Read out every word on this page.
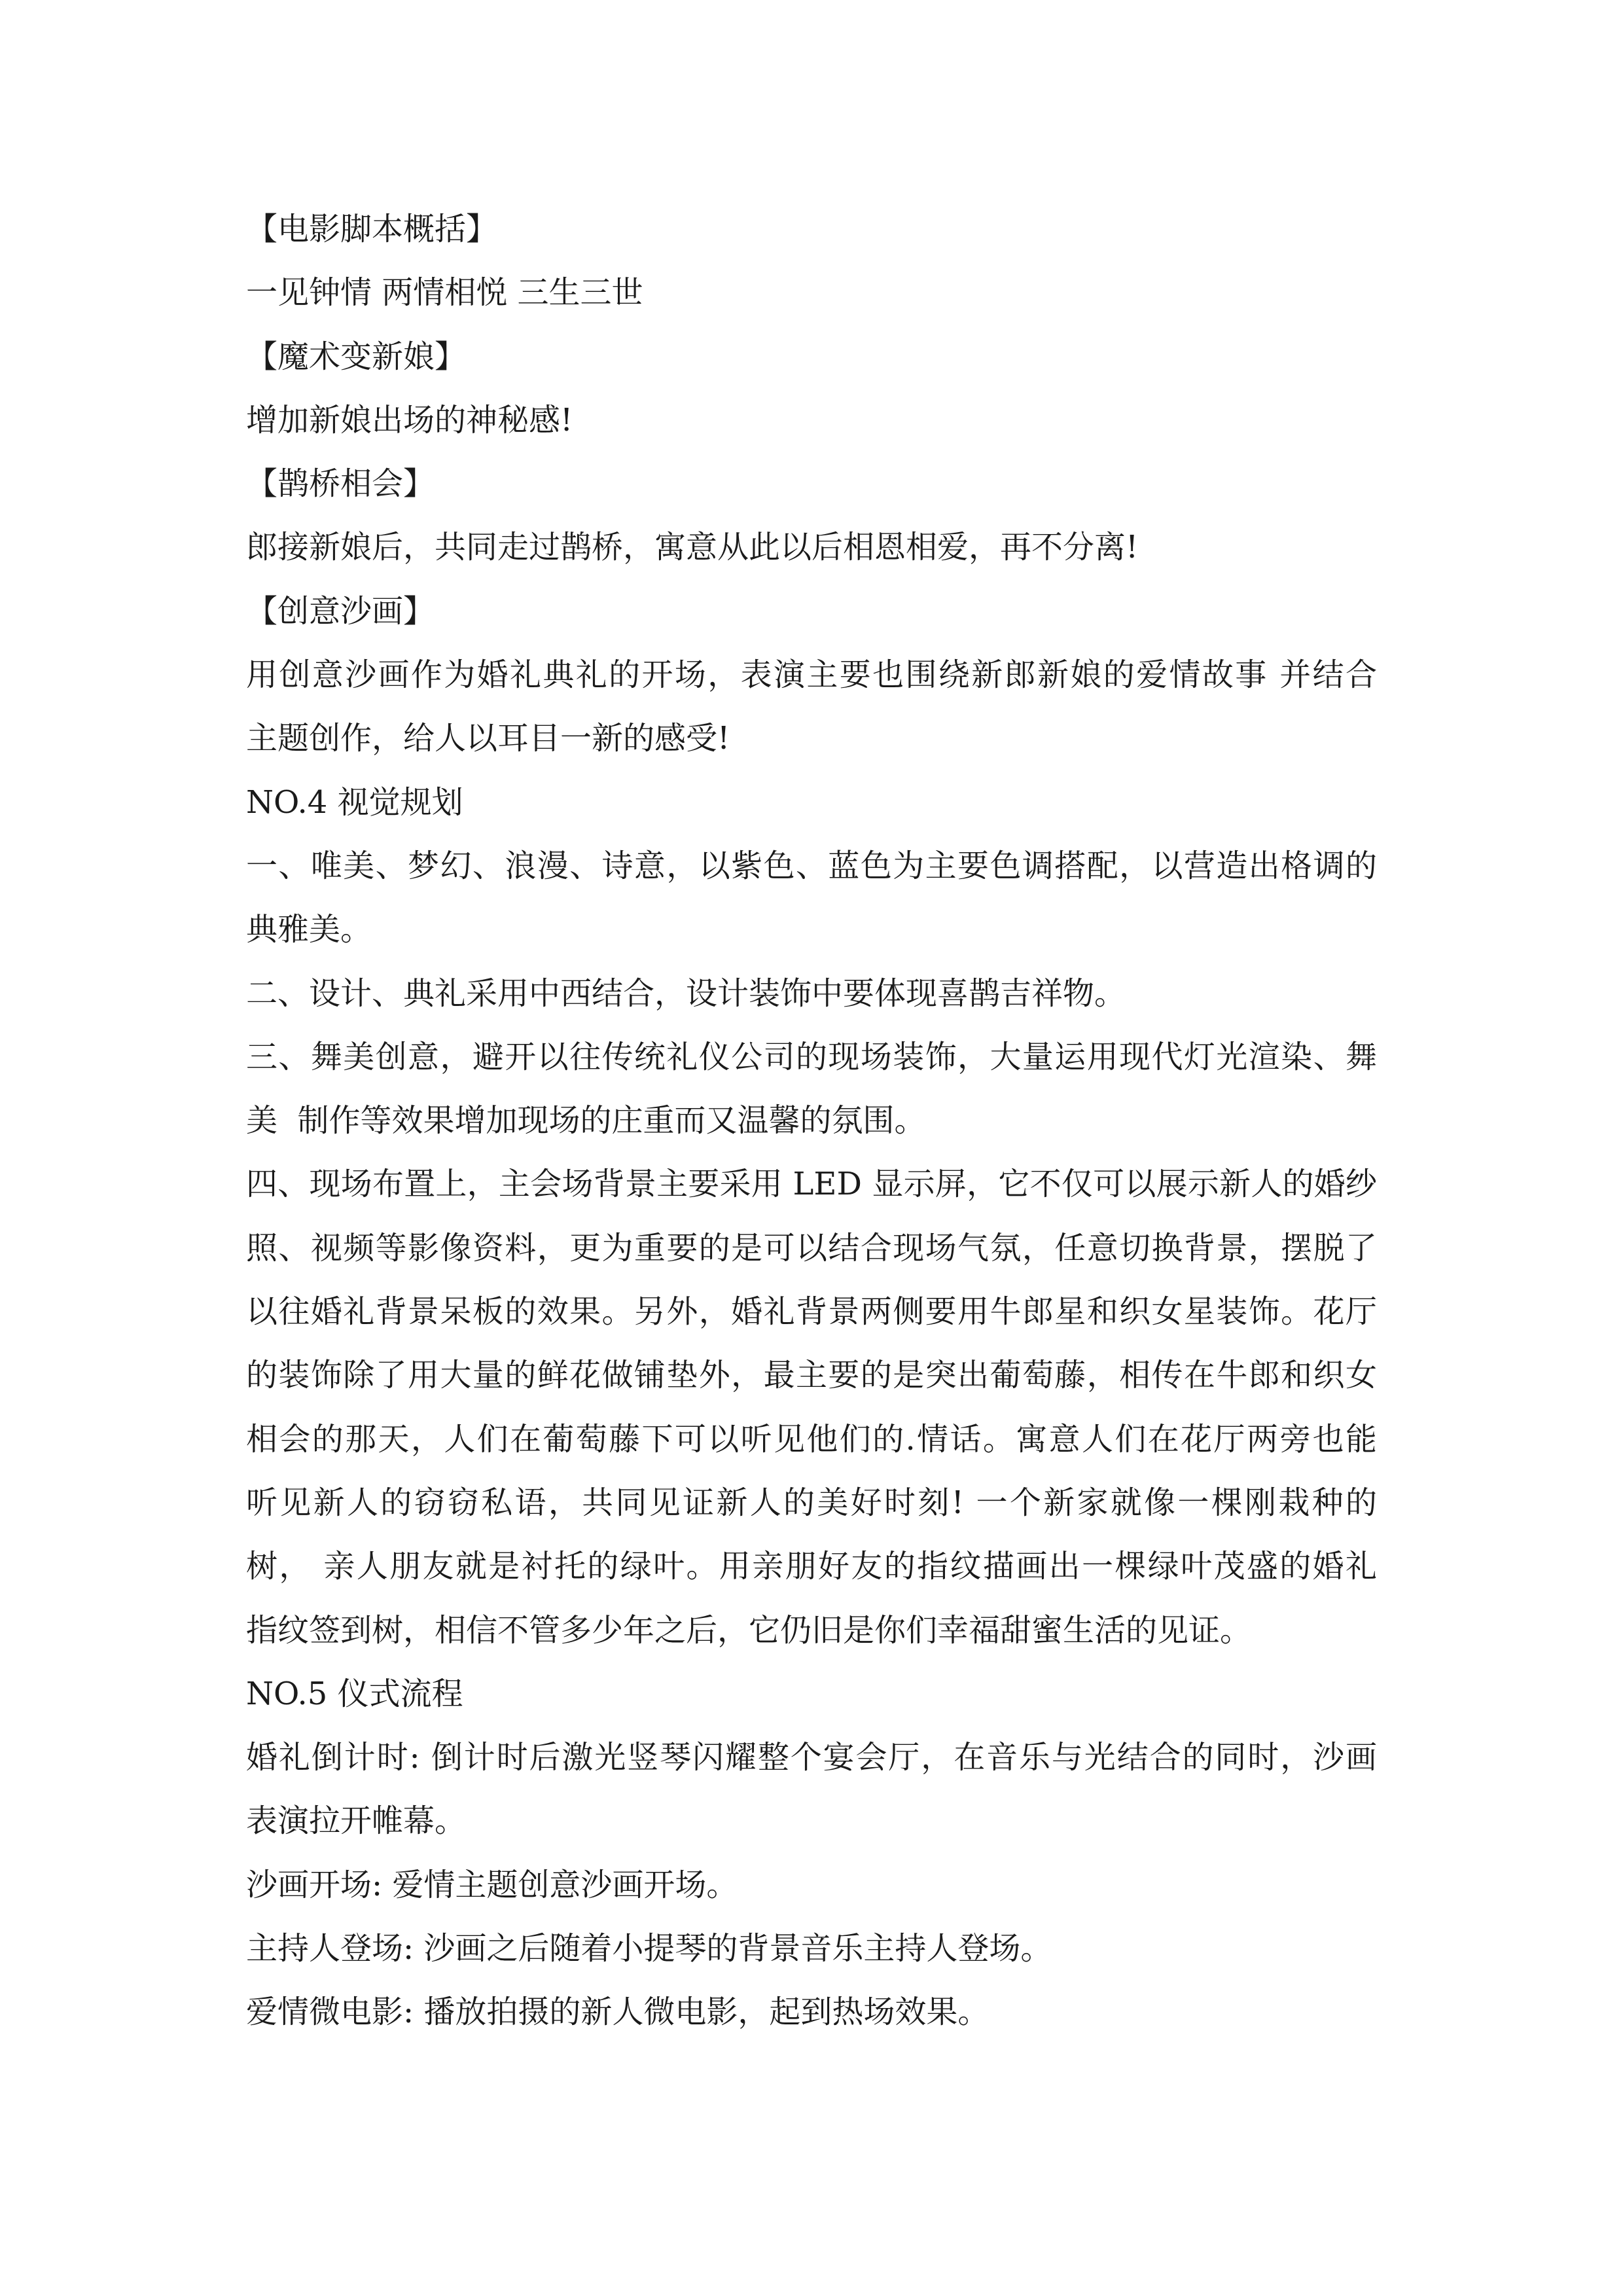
【电影脚本概括】
一见钟情 两情相悦 三生三世
【魔术变新娘】
增加新娘出场的神秘感!
【鹊桥相会】
郎接新娘后，共同走过鹊桥，寓意从此以后相恩相爱，再不分离!
【创意沙画】
用创意沙画作为婚礼典礼的开场，表演主要也围绕新郎新娘的爱情故事 并结合
主题创作，给人以耳目一新的感受!
NO.4 视觉规划
一、唯美、梦幻、浪漫、诗意，以紫色、蓝色为主要色调搭配，以营造出格调的
典雅美。
二、设计、典礼采用中西结合，设计装饰中要体现喜鹊吉祥物。
三、舞美创意，避开以往传统礼仪公司的现场装饰，大量运用现代灯光渲染、舞
美  制作等效果增加现场的庄重而又温馨的氛围。
四、现场布置上，主会场背景主要采用 LED 显示屏，它不仅可以展示新人的婚纱
照、视频等影像资料，更为重要的是可以结合现场气氛，任意切换背景，摆脱了
以往婚礼背景呆板的效果。另外，婚礼背景两侧要用牛郎星和织女星装饰。花厅
的装饰除了用大量的鲜花做铺垫外，最主要的是突出葡萄藤，相传在牛郎和织女
相会的那天，人们在葡萄藤下可以听见他们的.情话。寓意人们在花厅两旁也能
听见新人的窃窃私语，共同见证新人的美好时刻! 一个新家就像一棵刚栽种的
树， 亲人朋友就是衬托的绿叶。用亲朋好友的指纹描画出一棵绿叶茂盛的婚礼
指纹签到树，相信不管多少年之后，它仍旧是你们幸福甜蜜生活的见证。
NO.5 仪式流程
婚礼倒计时: 倒计时后激光竖琴闪耀整个宴会厅，在音乐与光结合的同时，沙画
表演拉开帷幕。
沙画开场: 爱情主题创意沙画开场。
主持人登场: 沙画之后随着小提琴的背景音乐主持人登场。
爱情微电影: 播放拍摄的新人微电影，起到热场效果。
